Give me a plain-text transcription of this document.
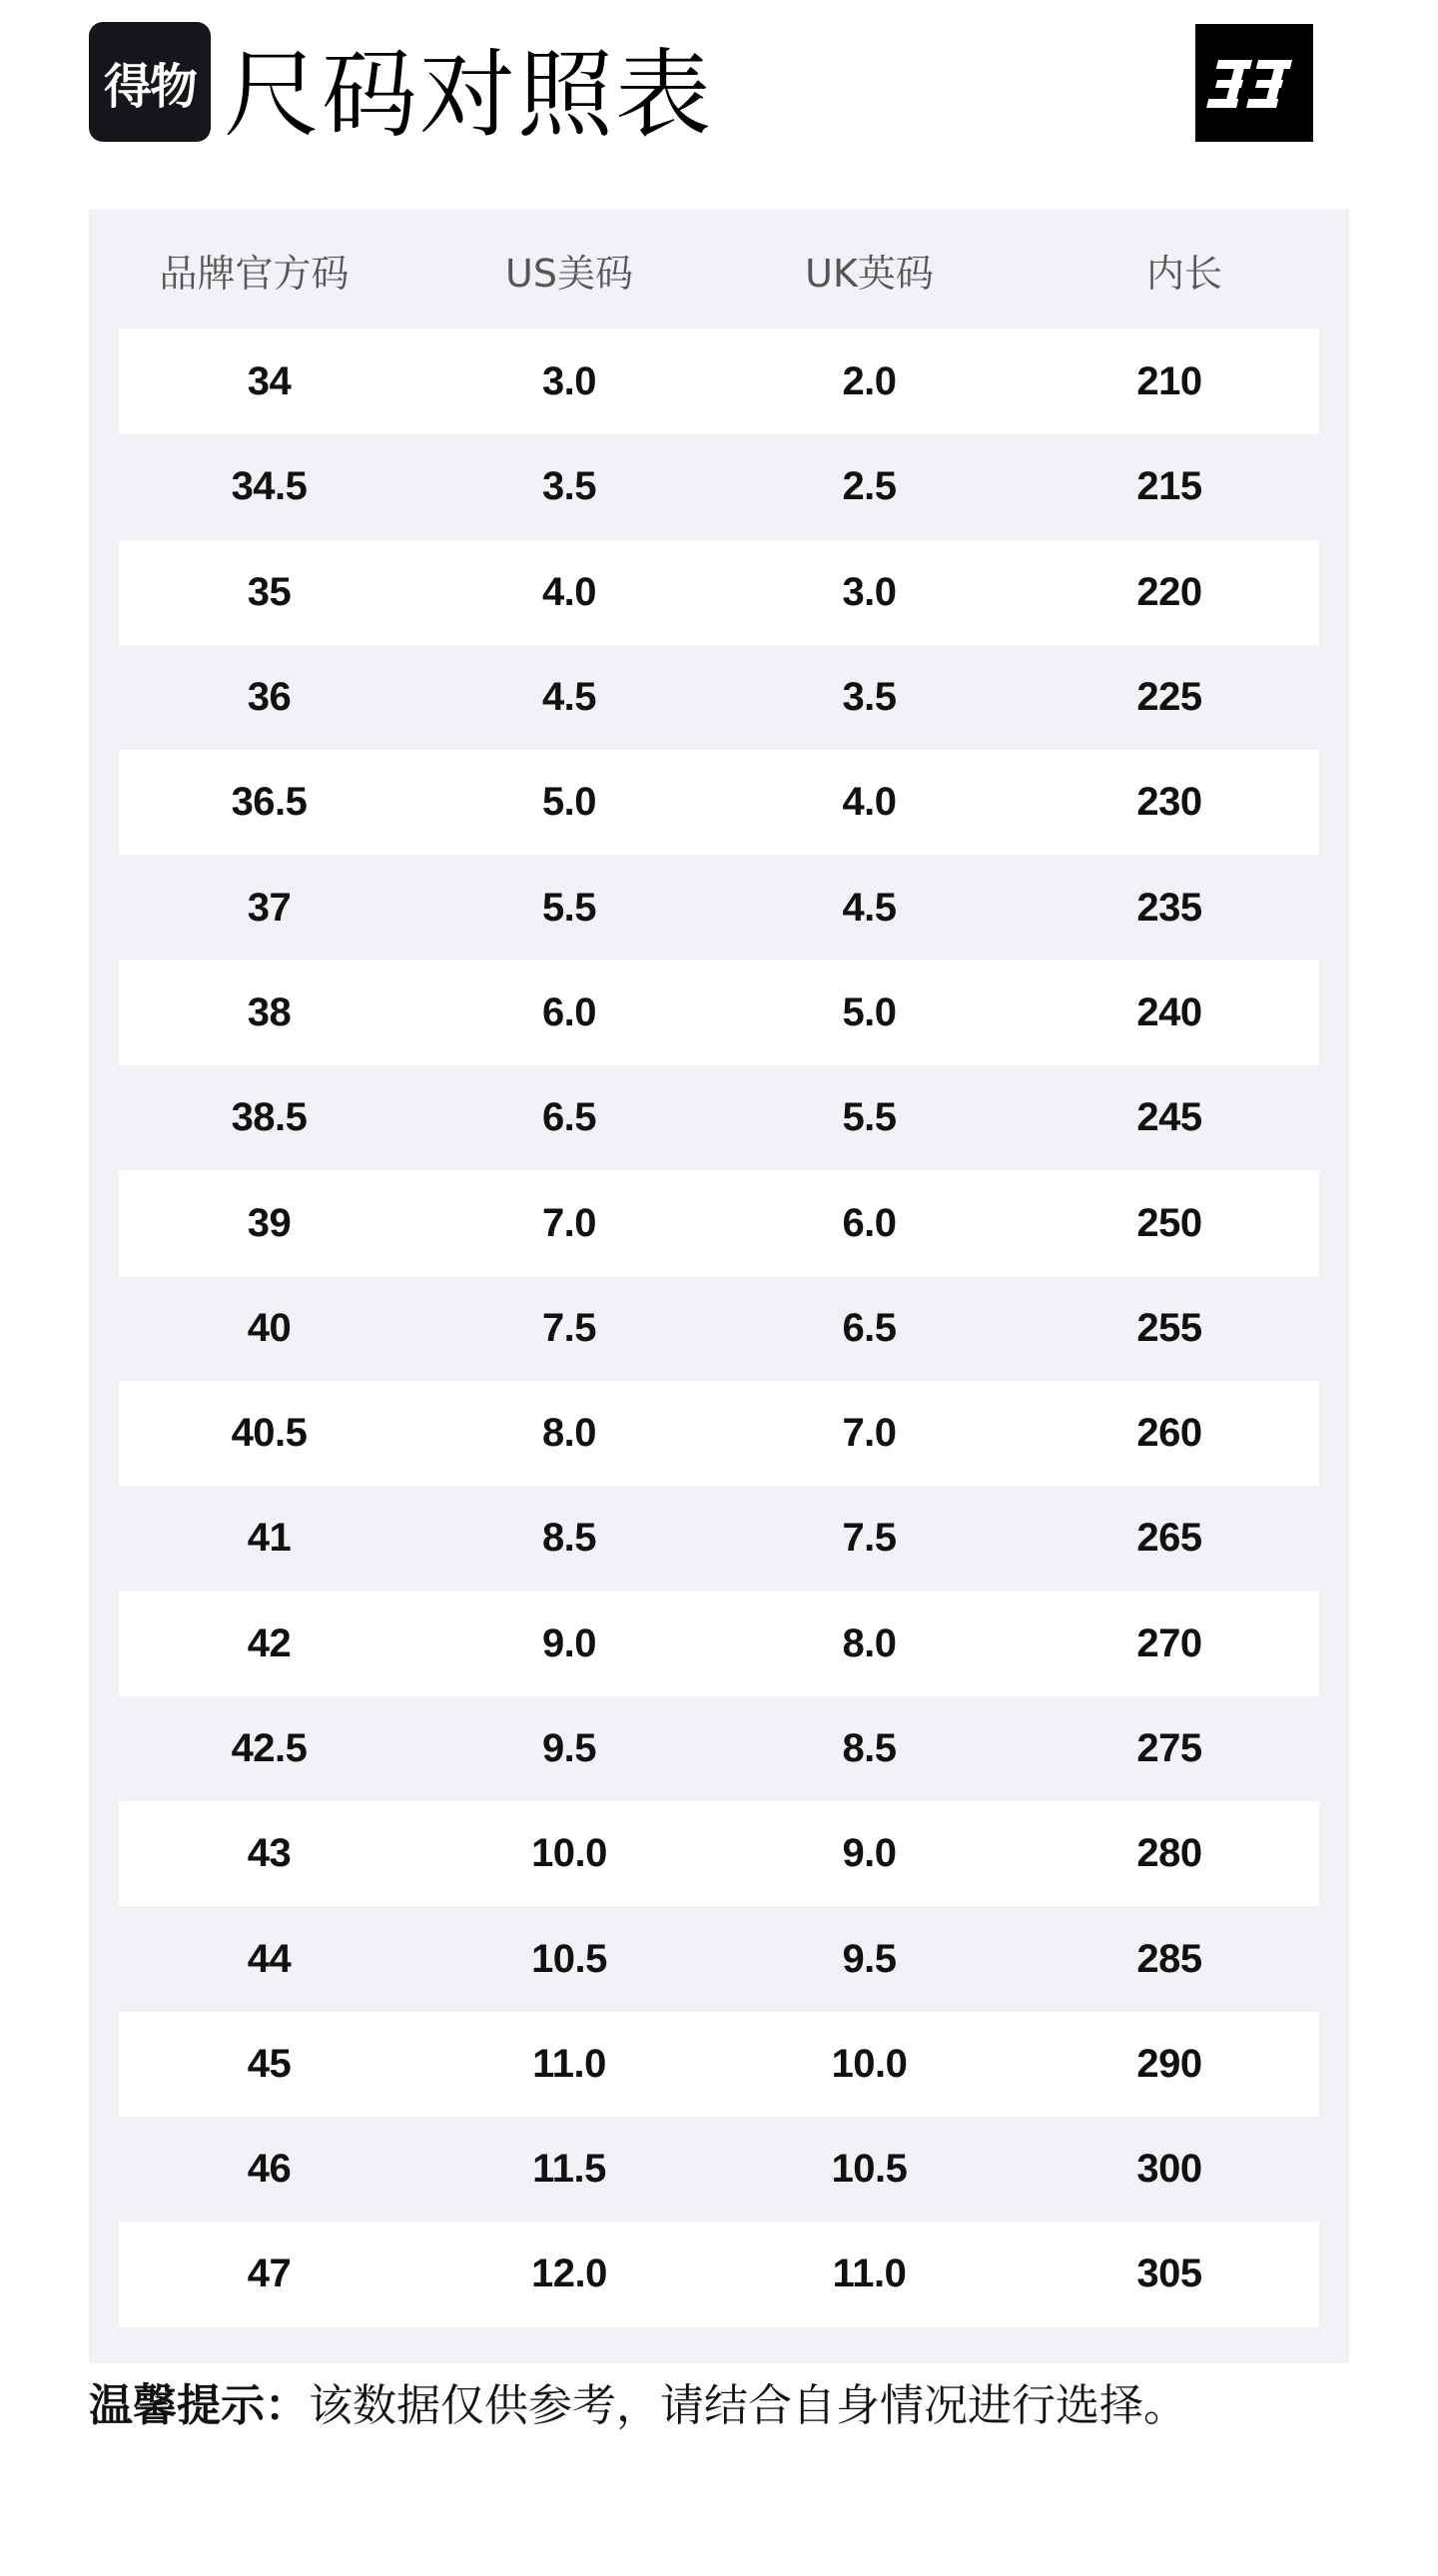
得物 尺码对照表
品牌官方码	US美码	UK英码	内长
34	3.0	2.0	210
34.5	3.5	2.5	215
35	4.0	3.0	220
36	4.5	3.5	225
36.5	5.0	4.0	230
37	5.5	4.5	235
38	6.0	5.0	240
38.5	6.5	5.5	245
39	7.0	6.0	250
40	7.5	6.5	255
40.5	8.0	7.0	260
41	8.5	7.5	265
42	9.0	8.0	270
42.5	9.5	8.5	275
43	10.0	9.0	280
44	10.5	9.5	285
45	11.0	10.0	290
46	11.5	10.5	300
47	12.0	11.0	305
温馨提示：该数据仅供参考，请结合自身情况进行选择。
